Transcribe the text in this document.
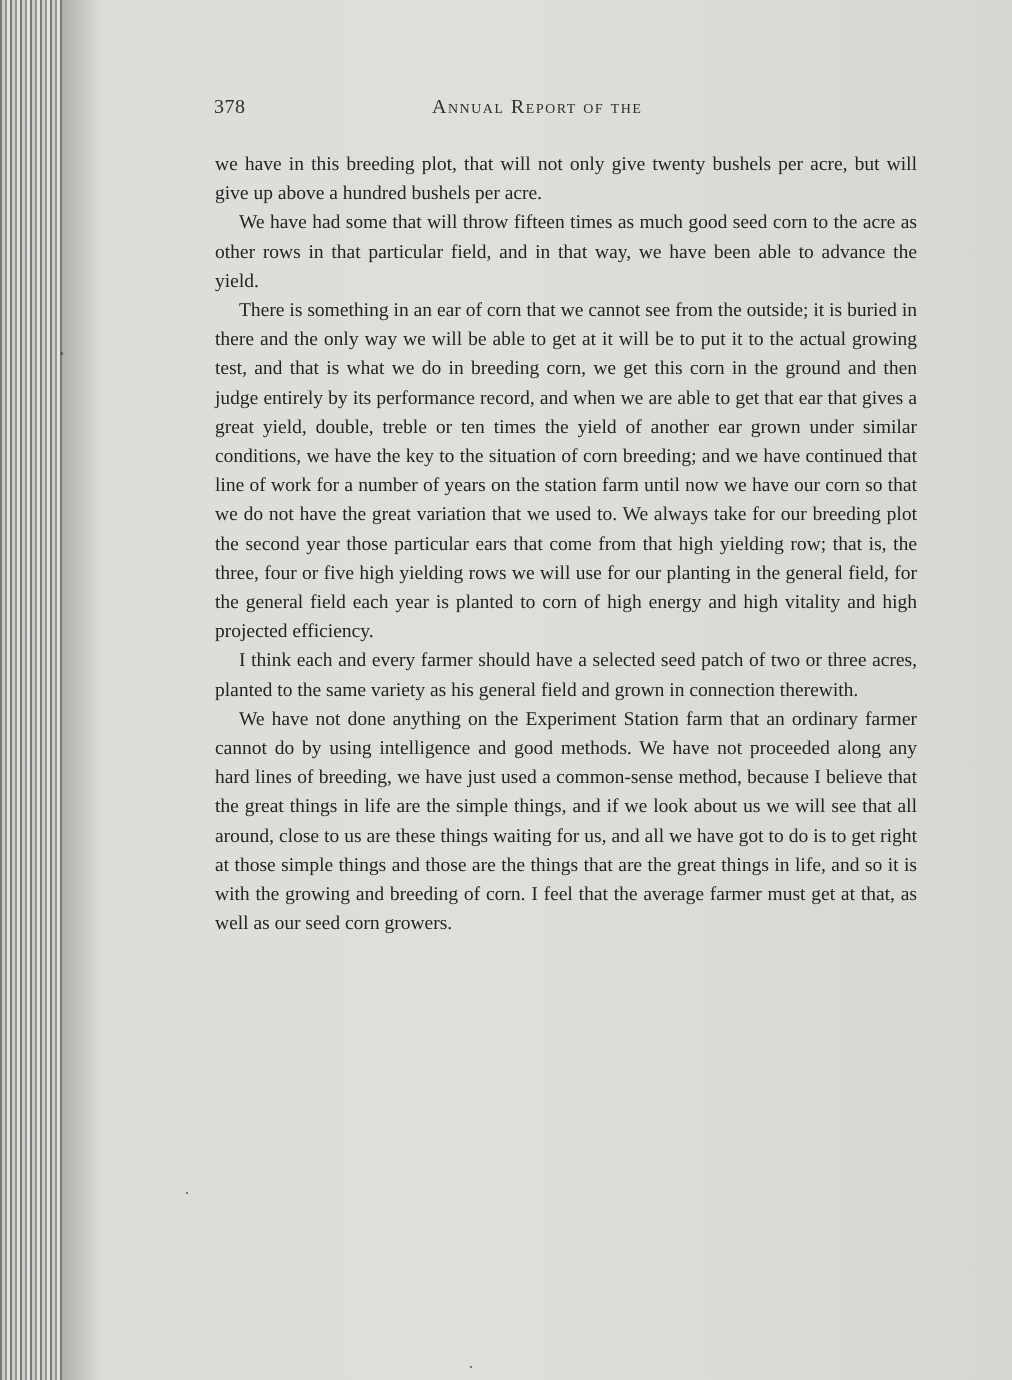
378	Annual Report of the

we have in this breeding plot, that will not only give twenty bushels per acre, but will give up above a hundred bushels per acre.

We have had some that will throw fifteen times as much good seed corn to the acre as other rows in that particular field, and in that way, we have been able to advance the yield.

There is something in an ear of corn that we cannot see from the outside; it is buried in there and the only way we will be able to get at it will be to put it to the actual growing test, and that is what we do in breeding corn, we get this corn in the ground and then judge entirely by its performance record, and when we are able to get that ear that gives a great yield, double, treble or ten times the yield of another ear grown under similar conditions, we have the key to the situation of corn breeding; and we have continued that line of work for a number of years on the station farm until now we have our corn so that we do not have the great variation that we used to. We always take for our breeding plot the second year those particular ears that come from that high yielding row; that is, the three, four or five high yielding rows we will use for our planting in the general field, for the general field each year is planted to corn of high energy and high vitality and high projected efficiency.

I think each and every farmer should have a selected seed patch of two or three acres, planted to the same variety as his general field and grown in connection therewith.

We have not done anything on the Experiment Station farm that an ordinary farmer cannot do by using intelligence and good methods. We have not proceeded along any hard lines of breeding, we have just used a common-sense method, because I believe that the great things in life are the simple things, and if we look about us we will see that all around, close to us are these things waiting for us, and all we have got to do is to get right at those simple things and those are the things that are the great things in life, and so it is with the growing and breeding of corn. I feel that the average farmer must get at that, as well as our seed corn growers.
